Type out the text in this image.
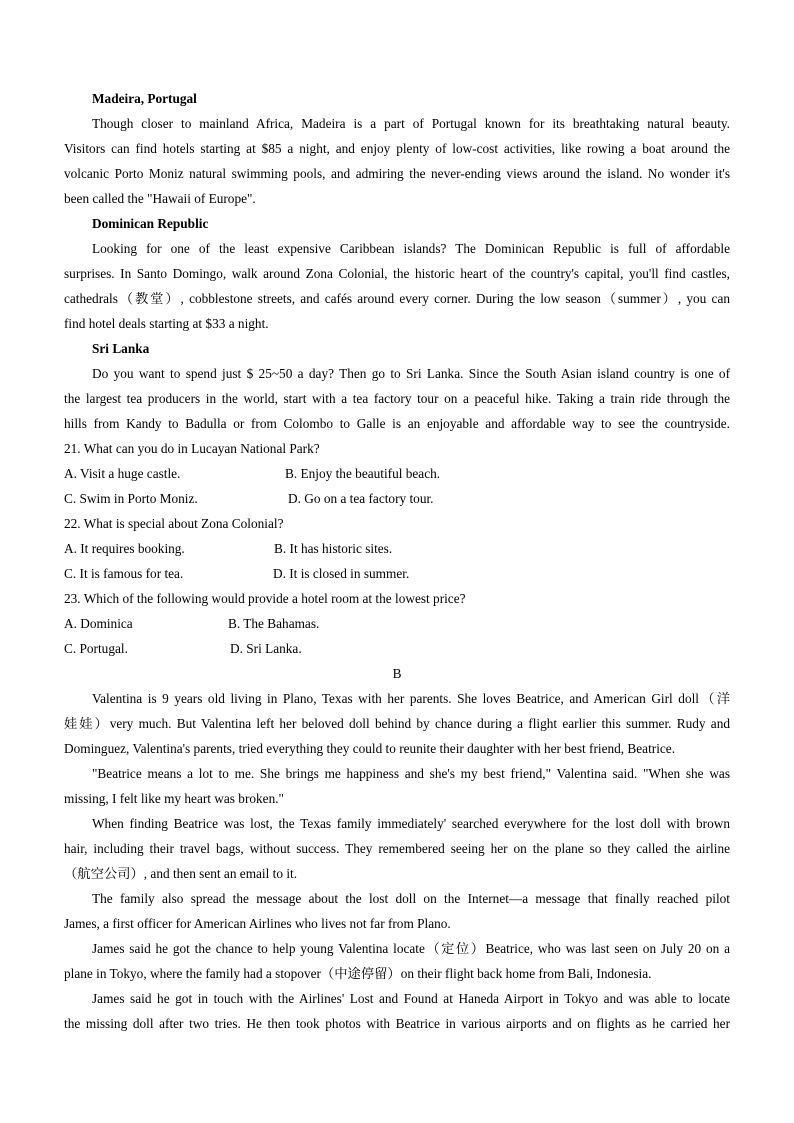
Madeira, Portugal
Though closer to mainland Africa, Madeira is a part of Portugal known for its breathtaking natural beauty.
Visitors can find hotels starting at $85 a night, and enjoy plenty of low-cost activities, like rowing a boat around the
volcanic Porto Moniz natural swimming pools, and admiring the never-ending views around the island. No wonder it's
been called the "Hawaii of Europe".
Dominican Republic
Looking for one of the least expensive Caribbean islands? The Dominican Republic is full of affordable
surprises. In Santo Domingo, walk around Zona Colonial, the historic heart of the country's capital, you'll find castles,
cathedrals（教堂）, cobblestone streets, and cafés around every corner. During the low season（summer）, you can
find hotel deals starting at $33 a night.
Sri Lanka
Do you want to spend just $ 25~50 a day? Then go to Sri Lanka. Since the South Asian island country is one of
the largest tea producers in the world, start with a tea factory tour on a peaceful hike. Taking a train ride through the
hills from Kandy to Badulla or from Colombo to Galle is an enjoyable and affordable way to see the countryside.
21. What can you do in Lucayan National Park?
A. Visit a huge castle.	B. Enjoy the beautiful beach.
C. Swim in Porto Moniz.	D. Go on a tea factory tour.
22. What is special about Zona Colonial?
A. It requires booking.	B. It has historic sites.
C. It is famous for tea.	D. It is closed in summer.
23. Which of the following would provide a hotel room at the lowest price?
A. Dominica	B. The Bahamas.
C. Portugal.	D. Sri Lanka.
B
Valentina is 9 years old living in Plano, Texas with her parents. She loves Beatrice, and American Girl doll（洋
娃娃）very much. But Valentina left her beloved doll behind by chance during a flight earlier this summer. Rudy and
Dominguez, Valentina's parents, tried everything they could to reunite their daughter with her best friend, Beatrice.
"Beatrice means a lot to me. She brings me happiness and she's my best friend," Valentina said. "When she was
missing, I felt like my heart was broken."
When finding Beatrice was lost, the Texas family immediately' searched everywhere for the lost doll with brown
hair, including their travel bags, without success. They remembered seeing her on the plane so they called the airline
（航空公司）, and then sent an email to it.
The family also spread the message about the lost doll on the Internet—a message that finally reached pilot
James, a first officer for American Airlines who lives not far from Plano.
James said he got the chance to help young Valentina locate（定位）Beatrice, who was last seen on July 20 on a
plane in Tokyo, where the family had a stopover（中途停留）on their flight back home from Bali, Indonesia.
James said he got in touch with the Airlines' Lost and Found at Haneda Airport in Tokyo and was able to locate
the missing doll after two tries. He then took photos with Beatrice in various airports and on flights as he carried her
